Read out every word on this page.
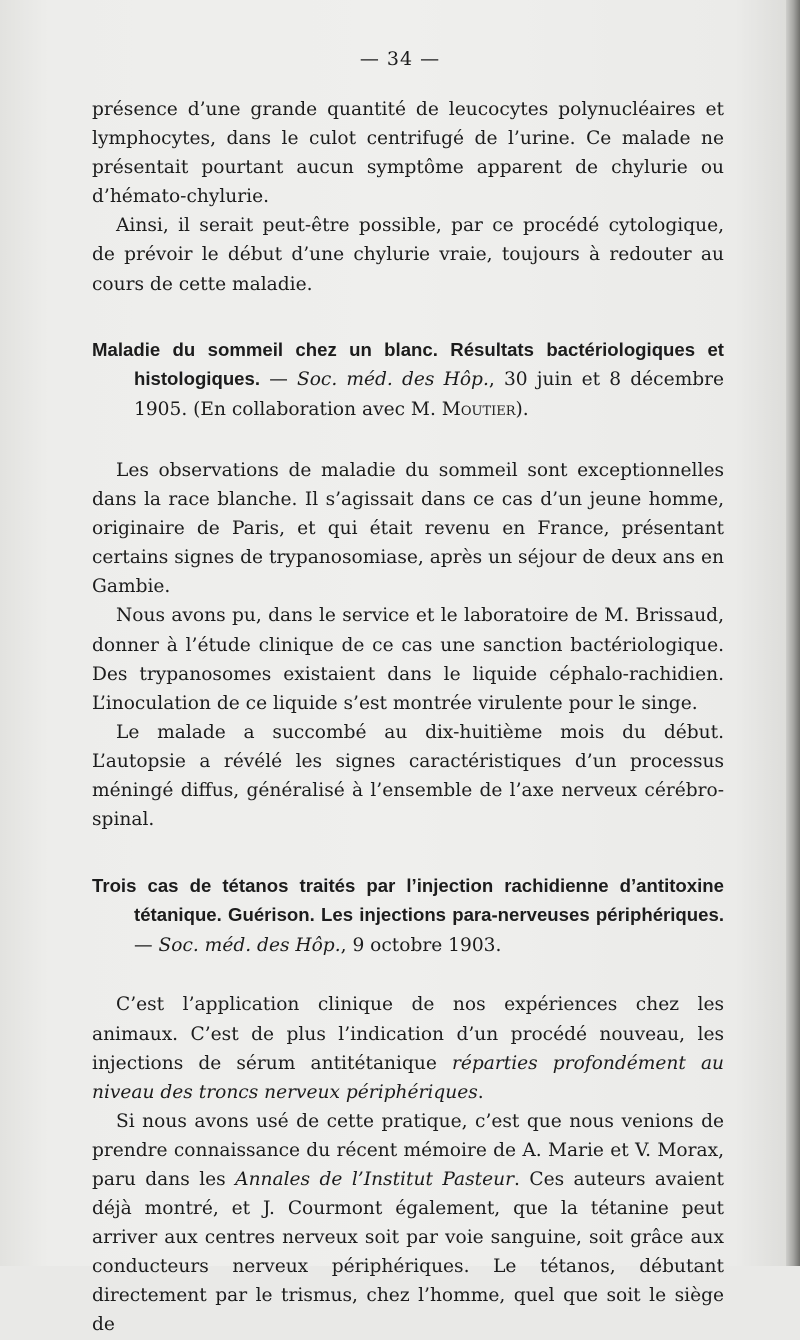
— 34 —

présence d’une grande quantité de leucocytes polynucléaires et lymphocytes, dans le culot centrifugé de l’urine. Ce malade ne présentait pourtant aucun symptôme apparent de chylurie ou d’hémato-chylurie.

Ainsi, il serait peut-être possible, par ce procédé cytologique, de prévoir le début d’une chylurie vraie, toujours à redouter au cours de cette maladie.

Maladie du sommeil chez un blanc. Résultats bactériologiques et histologiques. — Soc. méd. des Hôp., 30 juin et 8 décembre 1905. (En collaboration avec M. Moutier).

Les observations de maladie du sommeil sont exceptionnelles dans la race blanche. Il s’agissait dans ce cas d’un jeune homme, originaire de Paris, et qui était revenu en France, présentant certains signes de trypanosomiase, après un séjour de deux ans en Gambie.

Nous avons pu, dans le service et le laboratoire de M. Brissaud, donner à l’étude clinique de ce cas une sanction bactériologique. Des trypanosomes existaient dans le liquide céphalo-rachidien. L’inoculation de ce liquide s’est montrée virulente pour le singe.

Le malade a succombé au dix-huitième mois du début. L’autopsie a révélé les signes caractéristiques d’un processus méningé diffus, généralisé à l’ensemble de l’axe nerveux cérébro-spinal.

Trois cas de tétanos traités par l’injection rachidienne d’antitoxine tétanique. Guérison. Les injections para-nerveuses périphériques. — Soc. méd. des Hôp., 9 octobre 1903.

C’est l’application clinique de nos expériences chez les animaux. C’est de plus l’indication d’un procédé nouveau, les injections de sérum antitétanique réparties profondément au niveau des troncs nerveux périphériques.

Si nous avons usé de cette pratique, c’est que nous venions de prendre connaissance du récent mémoire de A. Marie et V. Morax, paru dans les Annales de l’Institut Pasteur. Ces auteurs avaient déjà montré, et J. Courmont également, que la tétanine peut arriver aux centres nerveux soit par voie sanguine, soit grâce aux conducteurs nerveux périphériques. Le tétanos, débutant directement par le trismus, chez l’homme, quel que soit le siège de
